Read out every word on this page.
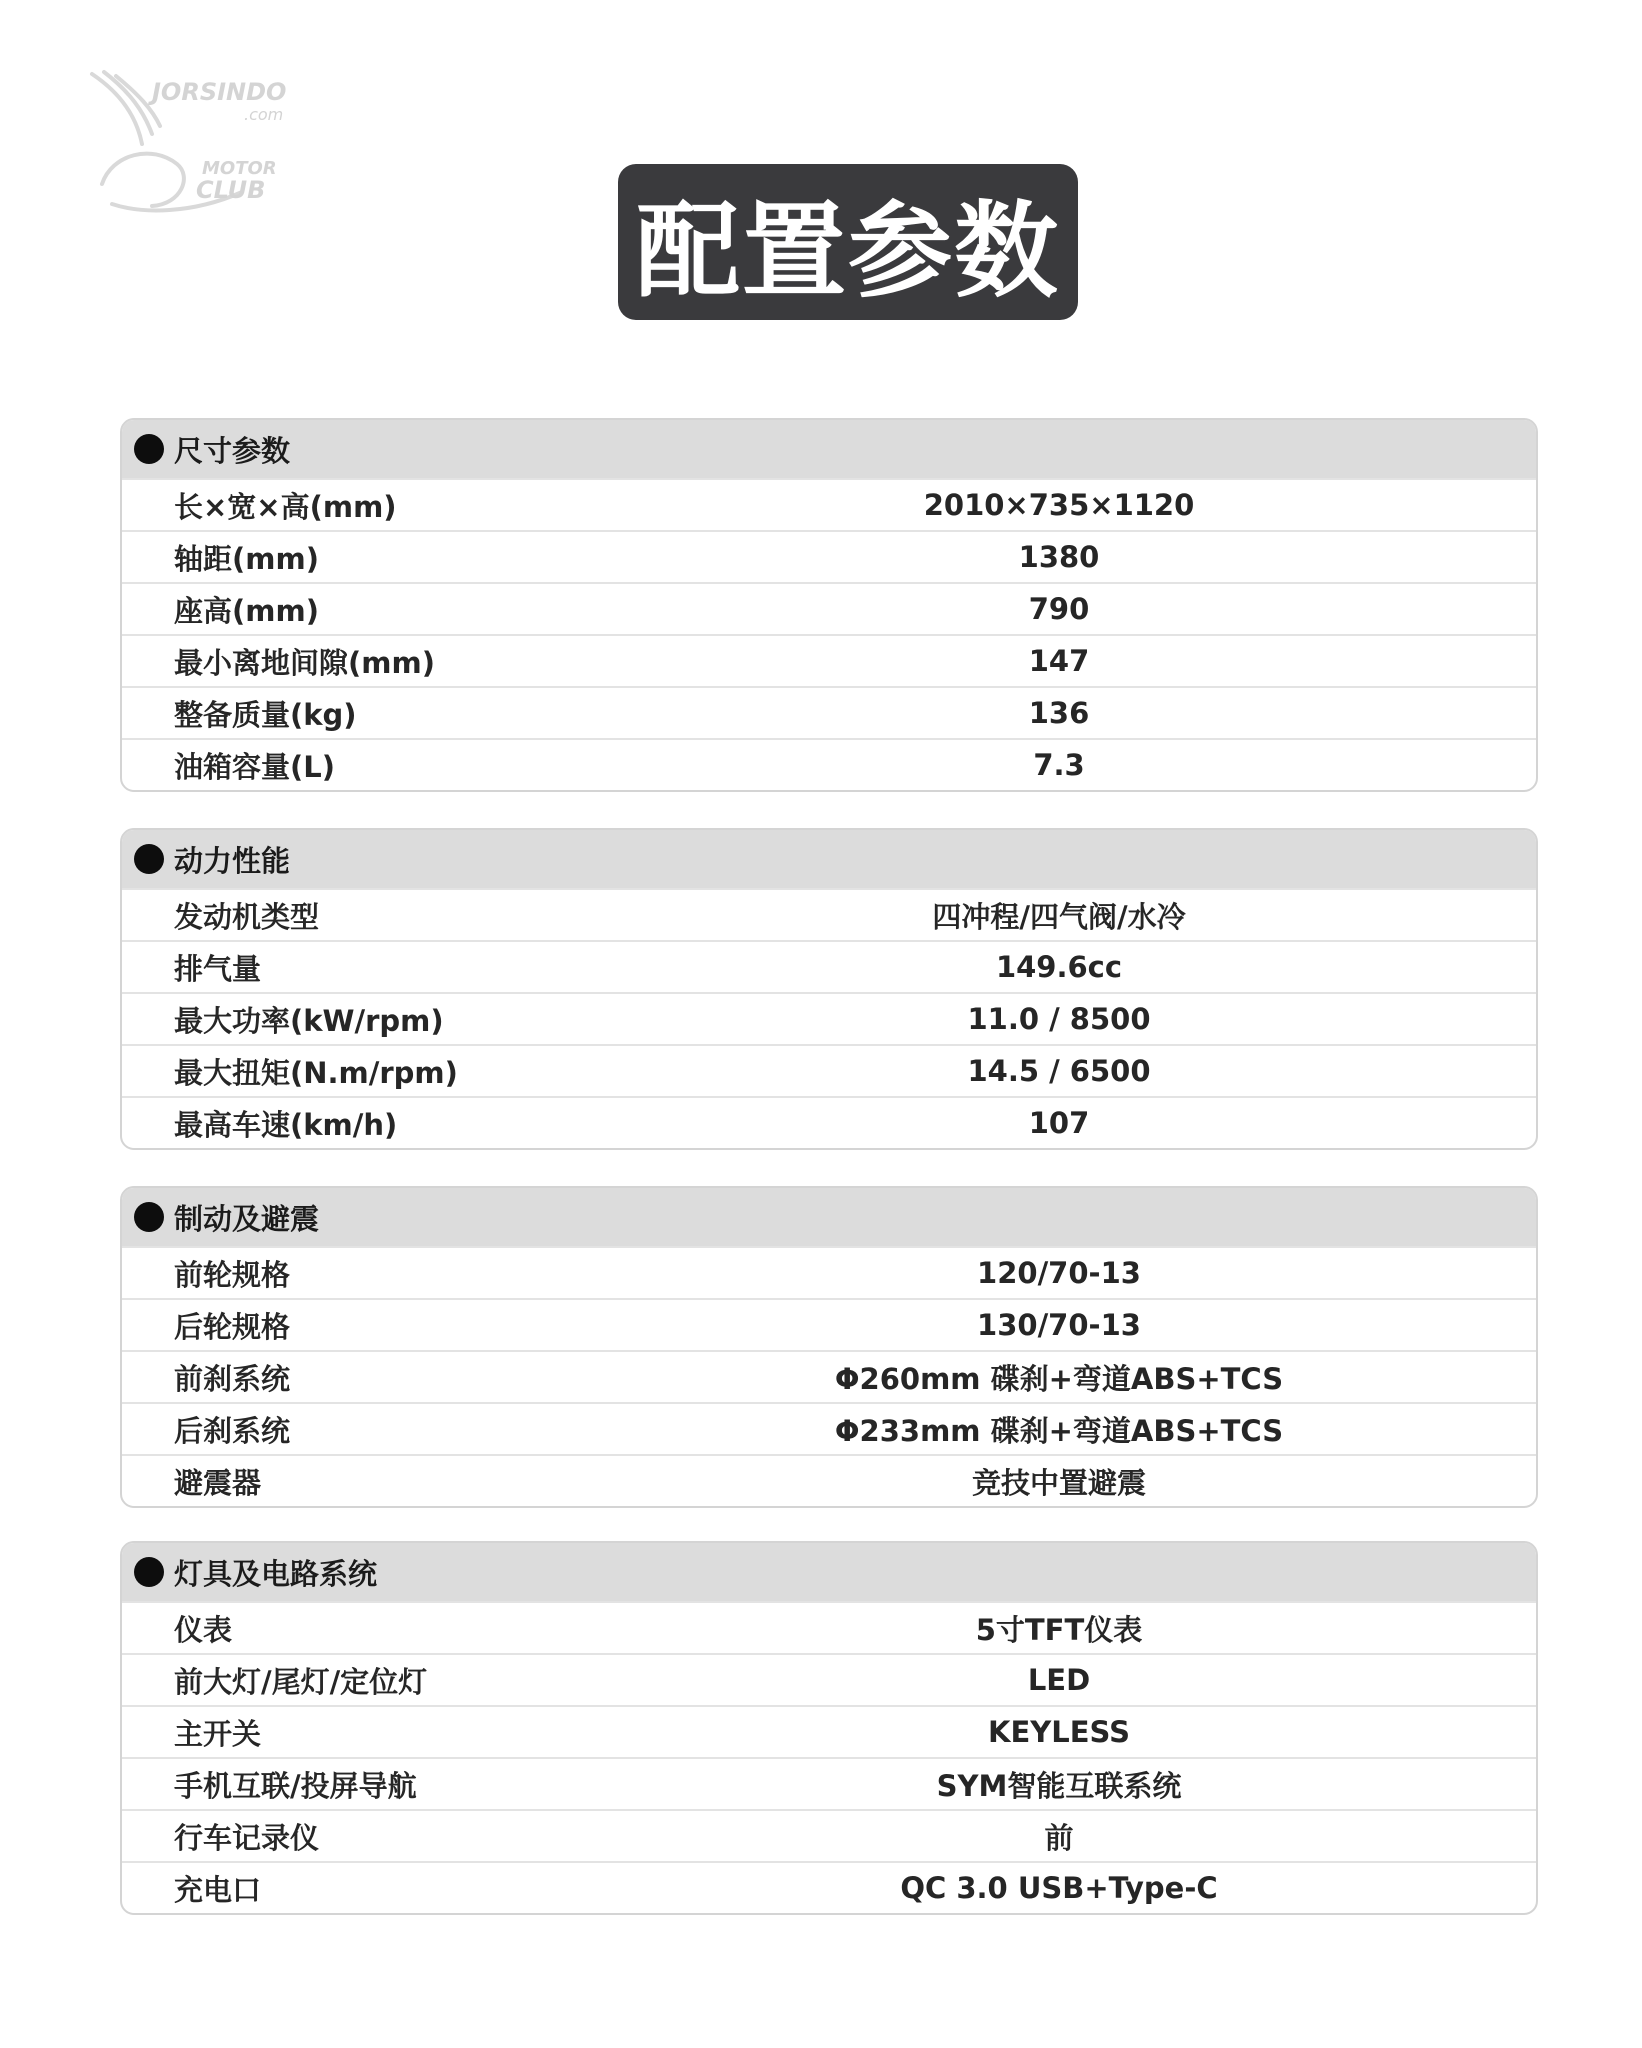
JORSINDO
.com
MOTOR
CLUB	配置参数
尺寸参数
长×宽×高(mm)	2010×735×1120
轴距(mm)	1380
座高(mm)	790
最小离地间隙(mm)	147
整备质量(kg)	136
油箱容量(L)	7.3
动力性能
发动机类型	四冲程/四气阀/水冷
排气量	149.6cc
最大功率(kW/rpm)	11.0 / 8500
最大扭矩(N.m/rpm)	14.5 / 6500
最高车速(km/h)	107
制动及避震
前轮规格	120/70-13
后轮规格	130/70-13
前刹系统	Φ260mm 碟刹+弯道ABS+TCS
后刹系统	Φ233mm 碟刹+弯道ABS+TCS
避震器	竞技中置避震
灯具及电路系统
仪表	5寸TFT仪表
前大灯/尾灯/定位灯	LED
主开关	KEYLESS
手机互联/投屏导航	SYM智能互联系统
行车记录仪	前
充电口	QC 3.0 USB+Type-C
